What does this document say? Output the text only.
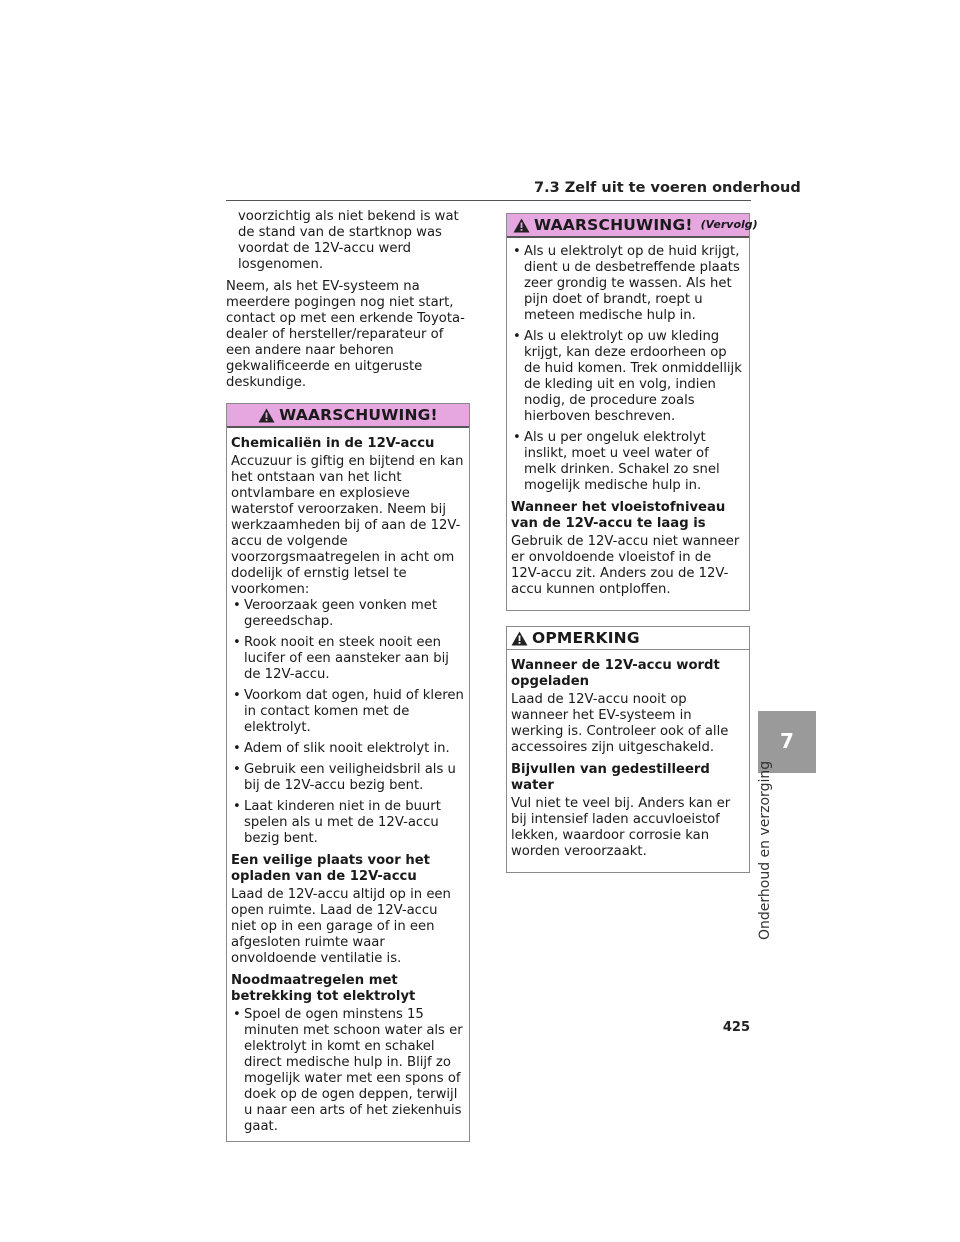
7.3 Zelf uit te voeren onderhoud

voorzichtig als niet bekend is wat de stand van de startknop was voordat de 12V-accu werd losgenomen.

Neem, als het EV-systeem na meerdere pogingen nog niet start, contact op met een erkende Toyota-dealer of hersteller/reparateur of een andere naar behoren gekwalificeerde en uitgeruste deskundige.

WAARSCHUWING!
Chemicaliën in de 12V-accu

Accuzuur is giftig en bijtend en kan het ontstaan van het licht ontvlambare en explosieve waterstof veroorzaken. Neem bij werkzaamheden bij of aan de 12V-accu de volgende voorzorgsmaatregelen in acht om dodelijk of ernstig letsel te voorkomen:

• Veroorzaak geen vonken met gereedschap.
• Rook nooit en steek nooit een lucifer of een aansteker aan bij de 12V-accu.
• Voorkom dat ogen, huid of kleren in contact komen met de elektrolyt.
• Adem of slik nooit elektrolyt in.
• Gebruik een veiligheidsbril als u bij de 12V-accu bezig bent.
• Laat kinderen niet in de buurt spelen als u met de 12V-accu bezig bent.
Een veilige plaats voor het opladen van de 12V-accu

Laad de 12V-accu altijd op in een open ruimte. Laad de 12V-accu niet op in een garage of in een afgesloten ruimte waar onvoldoende ventilatie is.

Noodmaatregelen met betrekking tot elektrolyt
• Spoel de ogen minstens 15 minuten met schoon water als er elektrolyt in komt en schakel direct medische hulp in. Blijf zo mogelijk water met een spons of doek op de ogen deppen, terwijl u naar een arts of het ziekenhuis gaat.
WAARSCHUWING! (Vervolg)
• Als u elektrolyt op de huid krijgt, dient u de desbetreffende plaats zeer grondig te wassen. Als het pijn doet of brandt, roept u meteen medische hulp in.
• Als u elektrolyt op uw kleding krijgt, kan deze erdoorheen op de huid komen. Trek onmiddellijk de kleding uit en volg, indien nodig, de procedure zoals hierboven beschreven.
• Als u per ongeluk elektrolyt inslikt, moet u veel water of melk drinken. Schakel zo snel mogelijk medische hulp in.
Wanneer het vloeistofniveau van de 12V-accu te laag is

Gebruik de 12V-accu niet wanneer er onvoldoende vloeistof in de 12V-accu zit. Anders zou de 12V-accu kunnen ontploffen.

OPMERKING
Wanneer de 12V-accu wordt opgeladen

Laad de 12V-accu nooit op wanneer het EV-systeem in werking is. Controleer ook of alle accessoires zijn uitgeschakeld.

Bijvullen van gedestilleerd water

Vul niet te veel bij. Anders kan er bij intensief laden accuvloeistof lekken, waardoor corrosie kan worden veroorzaakt.

7
Onderhoud en verzorging
425
